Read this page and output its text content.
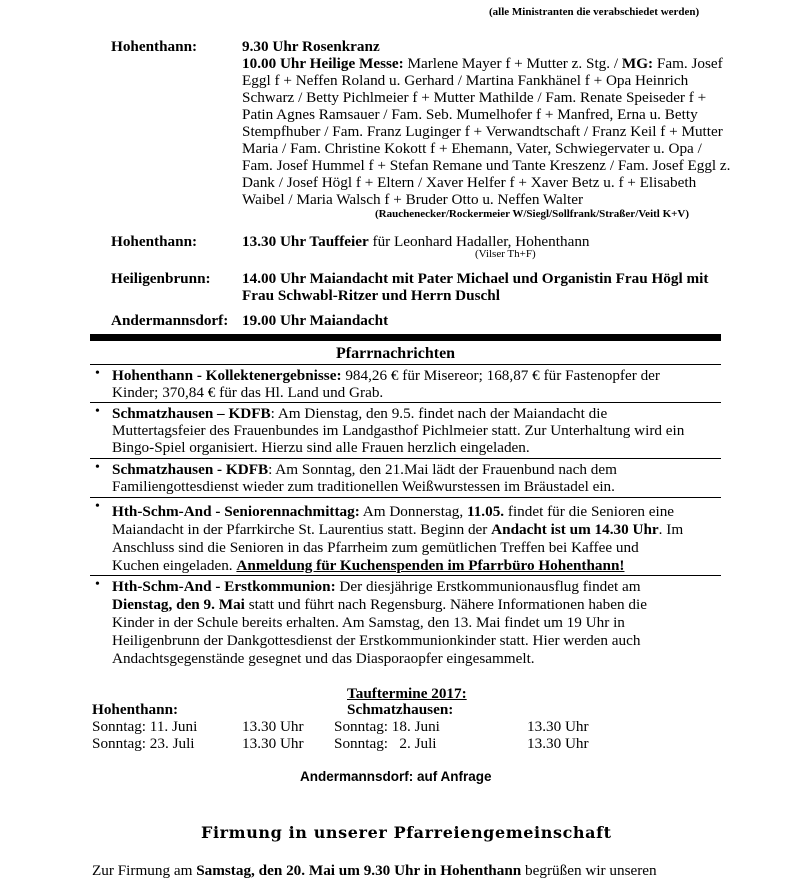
(alle Ministranten die verabschiedet werden)
Hohenthann:	9.30 Uhr Rosenkranz
10.00 Uhr Heilige Messe: Marlene Mayer f + Mutter z. Stg. / MG: Fam. Josef
Eggl f + Neffen Roland u. Gerhard / Martina Fankhänel f + Opa Heinrich
Schwarz / Betty Pichlmeier f + Mutter Mathilde / Fam. Renate Speiseder f +
Patin Agnes Ramsauer / Fam. Seb. Mumelhofer f + Manfred, Erna u. Betty
Stempfhuber / Fam. Franz Luginger f + Verwandtschaft / Franz Keil f + Mutter
Maria / Fam. Christine Kokott f + Ehemann, Vater, Schwiegervater u. Opa /
Fam. Josef Hummel f + Stefan Remane und Tante Kreszenz / Fam. Josef Eggl z.
Dank / Josef Högl f + Eltern / Xaver Helfer f + Xaver Betz u. f + Elisabeth
Waibel / Maria Walsch f + Bruder Otto u. Neffen Walter
(Rauchenecker/Rockermeier W/Siegl/Sollfrank/Straßer/Veitl K+V)
Hohenthann:	13.30 Uhr Tauffeier für Leonhard Hadaller, Hohenthann
(Vilser Th+F)
Heiligenbrunn: 14.00 Uhr Maiandacht mit Pater Michael und Organistin Frau Högl mit
Frau Schwabl-Ritzer und Herrn Duschl
Andermannsdorf: 19.00 Uhr Maiandacht
Pfarrnachrichten
• Hohenthann - Kollektenergebnisse: 984,26 € für Misereor; 168,87 € für Fastenopfer der
Kinder; 370,84 € für das Hl. Land und Grab.
• Schmatzhausen – KDFB: Am Dienstag, den 9.5. findet nach der Maiandacht die
Muttertagsfeier des Frauenbundes im Landgasthof Pichlmeier statt. Zur Unterhaltung wird ein
Bingo-Spiel organisiert. Hierzu sind alle Frauen herzlich eingeladen.
• Schmatzhausen - KDFB: Am Sonntag, den 21.Mai lädt der Frauenbund nach dem
Familiengottesdienst wieder zum traditionellen Weißwurstessen im Bräustadel ein.
• Hth-Schm-And - Seniorennachmittag: Am Donnerstag, 11.05. findet für die Senioren eine
Maiandacht in der Pfarrkirche St. Laurentius statt. Beginn der Andacht ist um 14.30 Uhr. Im
Anschluss sind die Senioren in das Pfarrheim zum gemütlichen Treffen bei Kaffee und
Kuchen eingeladen. Anmeldung für Kuchenspenden im Pfarrbüro Hohenthann!
• Hth-Schm-And - Erstkommunion: Der diesjährige Erstkommunionausflug findet am
Dienstag, den 9. Mai statt und führt nach Regensburg. Nähere Informationen haben die
Kinder in der Schule bereits erhalten. Am Samstag, den 13. Mai findet um 19 Uhr in
Heiligenbrunn der Dankgottesdienst der Erstkommunionkinder statt. Hier werden auch
Andachtsgegenstände gesegnet und das Diasporaopfer eingesammelt.
Tauftermine 2017:
Hohenthann:	Schmatzhausen:
Sonntag: 11. Juni	13.30 Uhr Sonntag: 18. Juni	13.30 Uhr
Sonntag: 23. Juli	13.30 Uhr Sonntag:   2. Juli	13.30 Uhr
Andermannsdorf: auf Anfrage
Firmung in unserer Pfarreiengemeinschaft
Zur Firmung am Samstag, den 20. Mai um 9.30 Uhr in Hohenthann begrüßen wir unseren
